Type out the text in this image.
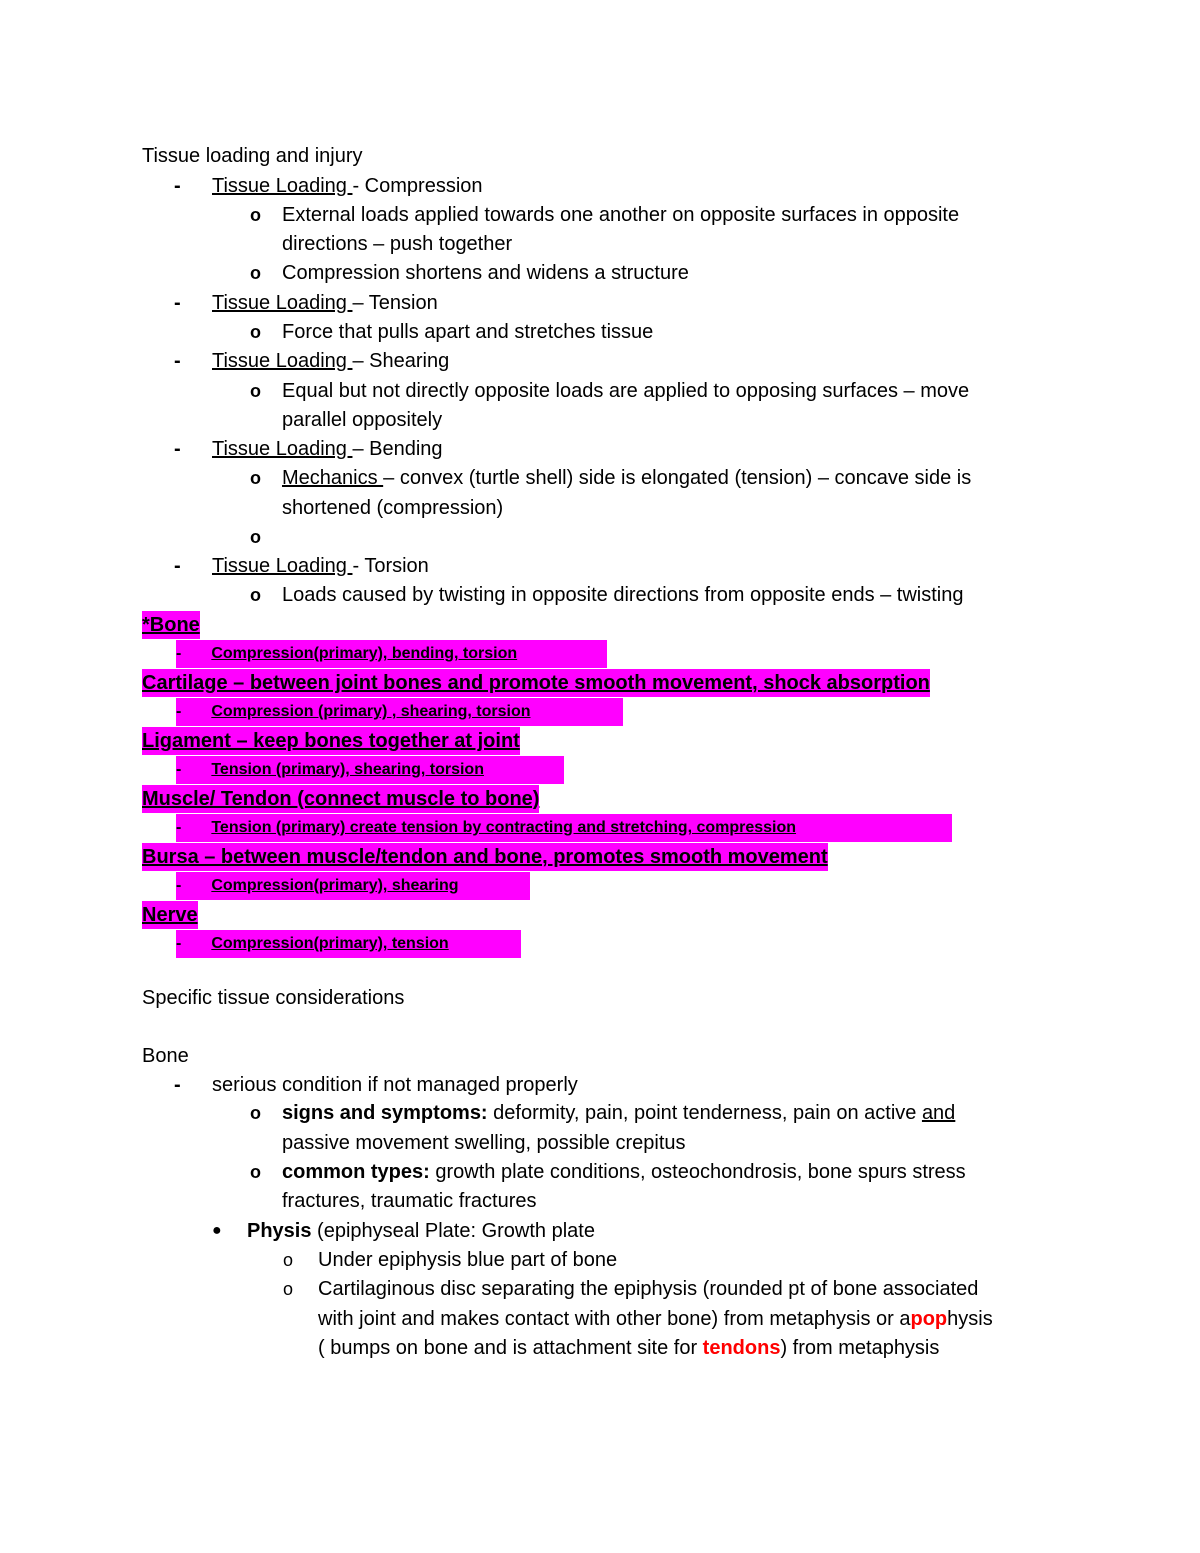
Tissue loading and injury
-	Tissue Loading - Compression
o	External loads applied towards one another on opposite surfaces in opposite
directions – push together
o	Compression shortens and widens a structure
-	Tissue Loading – Tension
o	Force that pulls apart and stretches tissue
-	Tissue Loading – Shearing
o	Equal but not directly opposite loads are applied to opposing surfaces – move
parallel oppositely
-	Tissue Loading – Bending
o	Mechanics – convex (turtle shell) side is elongated (tension) – concave side is
shortened (compression)
o
-	Tissue Loading - Torsion
o	Loads caused by twisting in opposite directions from opposite ends – twisting
*Bone
- Compression(primary), bending, torsion
Cartilage – between joint bones and promote smooth movement, shock absorption
- Compression (primary) , shearing, torsion
Ligament – keep bones together at joint
- Tension (primary), shearing, torsion
Muscle/ Tendon (connect muscle to bone)
- Tension (primary) create tension by contracting and stretching, compression
Bursa – between muscle/tendon and bone, promotes smooth movement
- Compression(primary), shearing
Nerve
- Compression(primary), tension
Specific tissue considerations
Bone
-	serious condition if not managed properly
o	signs and symptoms: deformity, pain, point tenderness, pain on active and
passive movement swelling, possible crepitus
o	common types: growth plate conditions, osteochondrosis, bone spurs stress
fractures, traumatic fractures
●	Physis (epiphyseal Plate: Growth plate
o	Under epiphysis blue part of bone
o	Cartilaginous disc separating the epiphysis (rounded pt of bone associated
with joint and makes contact with other bone) from metaphysis or apophysis
( bumps on bone and is attachment site for tendons) from metaphysis
